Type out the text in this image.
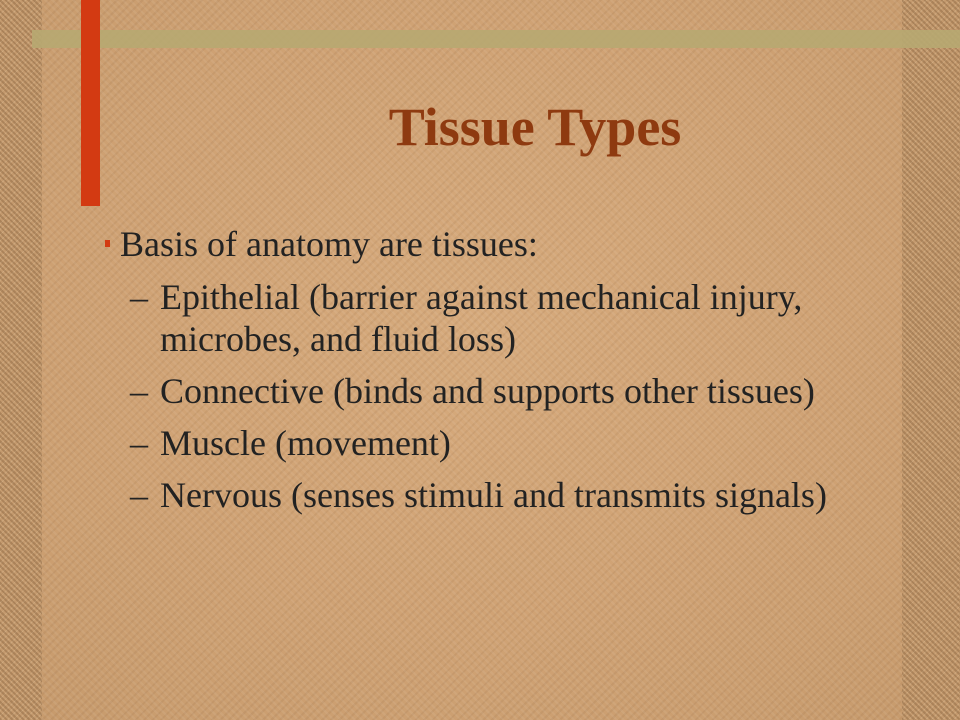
Tissue Types
Basis of anatomy are tissues:
– Epithelial (barrier against mechanical injury, microbes, and fluid loss)
– Connective (binds and supports other tissues)
– Muscle (movement)
– Nervous (senses stimuli and transmits signals)
